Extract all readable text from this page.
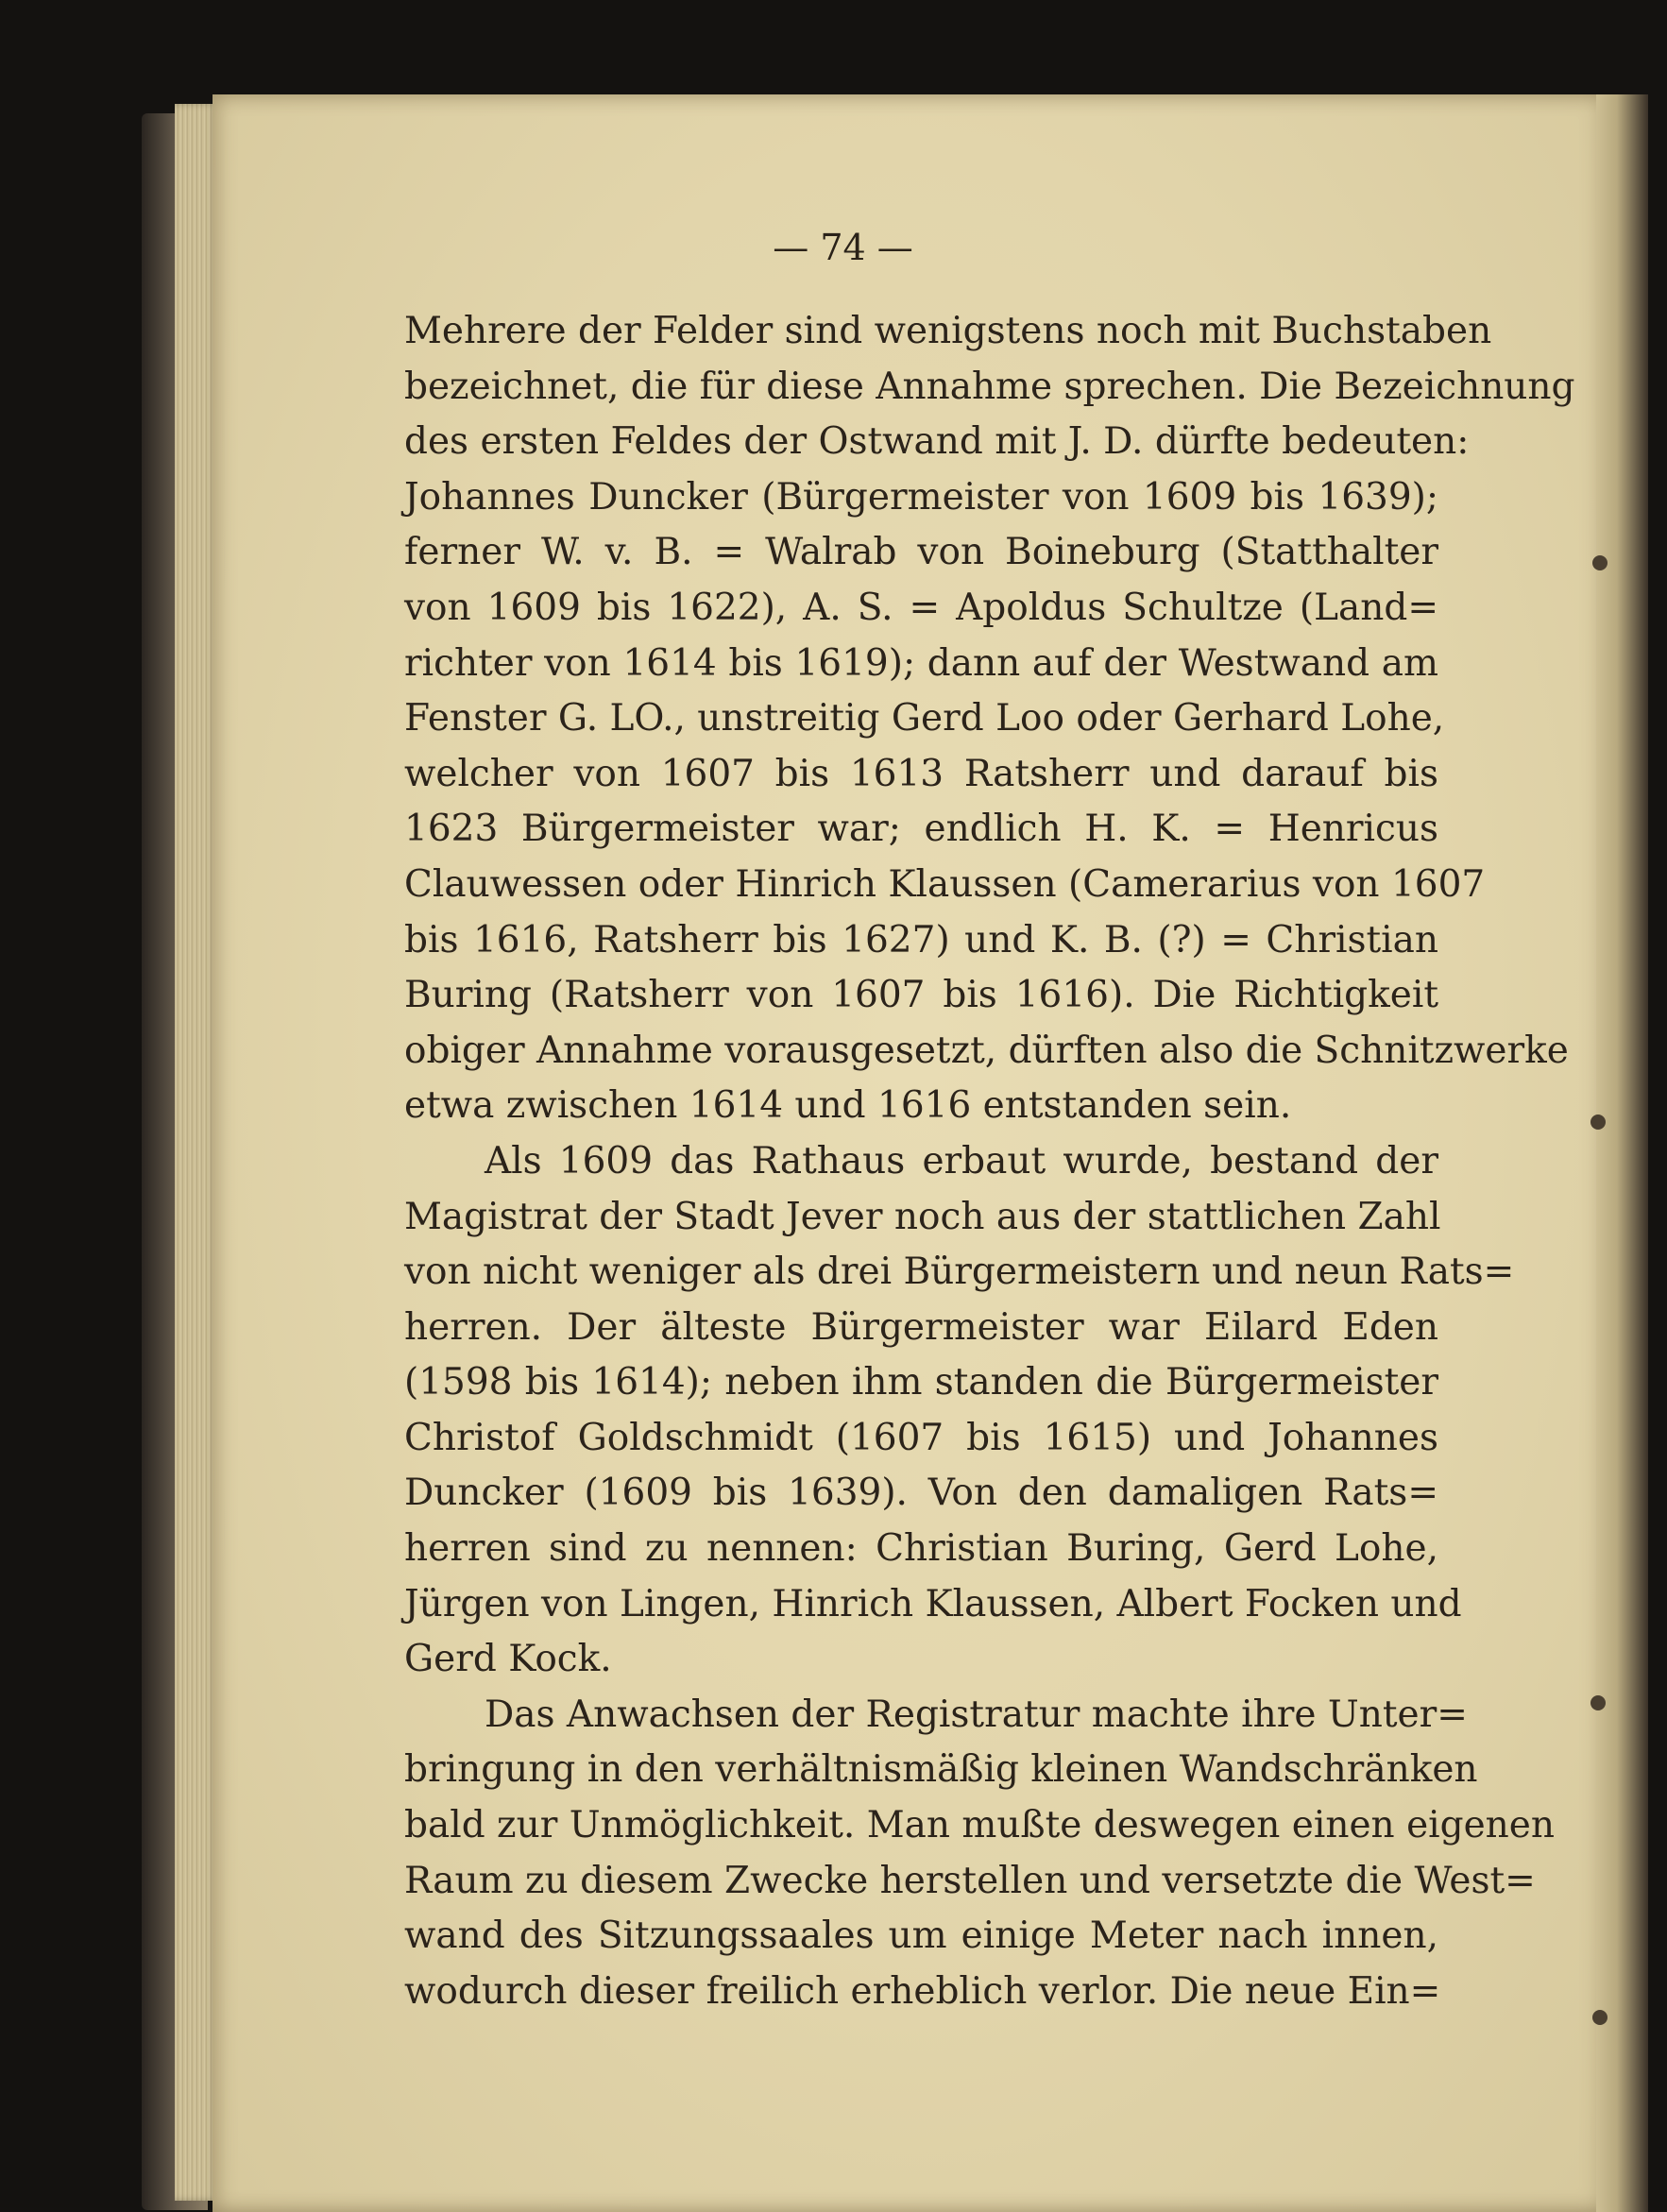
— 74 —
Mehrere der Felder sind wenigstens noch mit Buchstaben
bezeichnet, die für diese Annahme sprechen. Die Bezeichnung
des ersten Feldes der Ostwand mit J. D. dürfte bedeuten:
Johannes Duncker (Bürgermeister von 1609 bis 1639);
ferner W. v. B. = Walrab von Boineburg (Statthalter
von 1609 bis 1622), A. S. = Apoldus Schultze (Land=
richter von 1614 bis 1619); dann auf der Westwand am
Fenster G. LO., unstreitig Gerd Loo oder Gerhard Lohe,
welcher von 1607 bis 1613 Ratsherr und darauf bis
1623 Bürgermeister war; endlich H. K. = Henricus
Clauwessen oder Hinrich Klaussen (Camerarius von 1607
bis 1616, Ratsherr bis 1627) und K. B. (?) = Christian
Buring (Ratsherr von 1607 bis 1616). Die Richtigkeit
obiger Annahme vorausgesetzt, dürften also die Schnitzwerke
etwa zwischen 1614 und 1616 entstanden sein.
Als 1609 das Rathaus erbaut wurde, bestand der
Magistrat der Stadt Jever noch aus der stattlichen Zahl
von nicht weniger als drei Bürgermeistern und neun Rats=
herren. Der älteste Bürgermeister war Eilard Eden
(1598 bis 1614); neben ihm standen die Bürgermeister
Christof Goldschmidt (1607 bis 1615) und Johannes
Duncker (1609 bis 1639). Von den damaligen Rats=
herren sind zu nennen: Christian Buring, Gerd Lohe,
Jürgen von Lingen, Hinrich Klaussen, Albert Focken und
Gerd Kock.
Das Anwachsen der Registratur machte ihre Unter=
bringung in den verhältnismäßig kleinen Wandschränken
bald zur Unmöglichkeit. Man mußte deswegen einen eigenen
Raum zu diesem Zwecke herstellen und versetzte die West=
wand des Sitzungssaales um einige Meter nach innen,
wodurch dieser freilich erheblich verlor. Die neue Ein=
